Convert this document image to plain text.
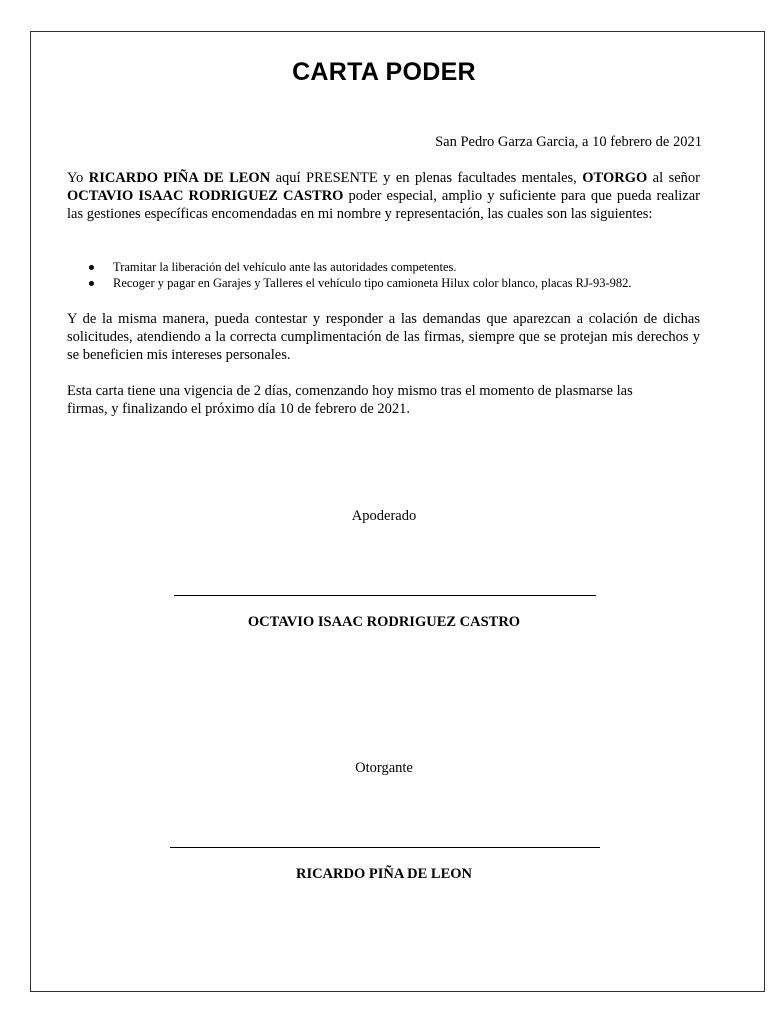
CARTA PODER
San Pedro Garza Garcia, a 10 febrero de 2021
Yo RICARDO PIÑA DE LEON aquí PRESENTE y en plenas facultades mentales, OTORGO al señor OCTAVIO ISAAC RODRIGUEZ CASTRO poder especial, amplio y suficiente para que pueda realizar las gestiones específicas encomendadas en mi nombre y representación, las cuales son las siguientes:
Tramitar la liberación del vehículo ante las autoridades competentes.
Recoger y pagar en Garajes y Talleres el vehículo tipo camioneta Hilux color blanco, placas RJ-93-982.
Y de la misma manera, pueda contestar y responder a las demandas que aparezcan a colación de dichas solicitudes, atendiendo a la correcta cumplimentación de las firmas, siempre que se protejan mis derechos y se beneficien mis intereses personales.
Esta carta tiene una vigencia de 2 días, comenzando hoy mismo tras el momento de plasmarse las
firmas, y finalizando el próximo día 10 de febrero de 2021.
Apoderado
OCTAVIO ISAAC RODRIGUEZ CASTRO
Otorgante
RICARDO PIÑA DE LEON
